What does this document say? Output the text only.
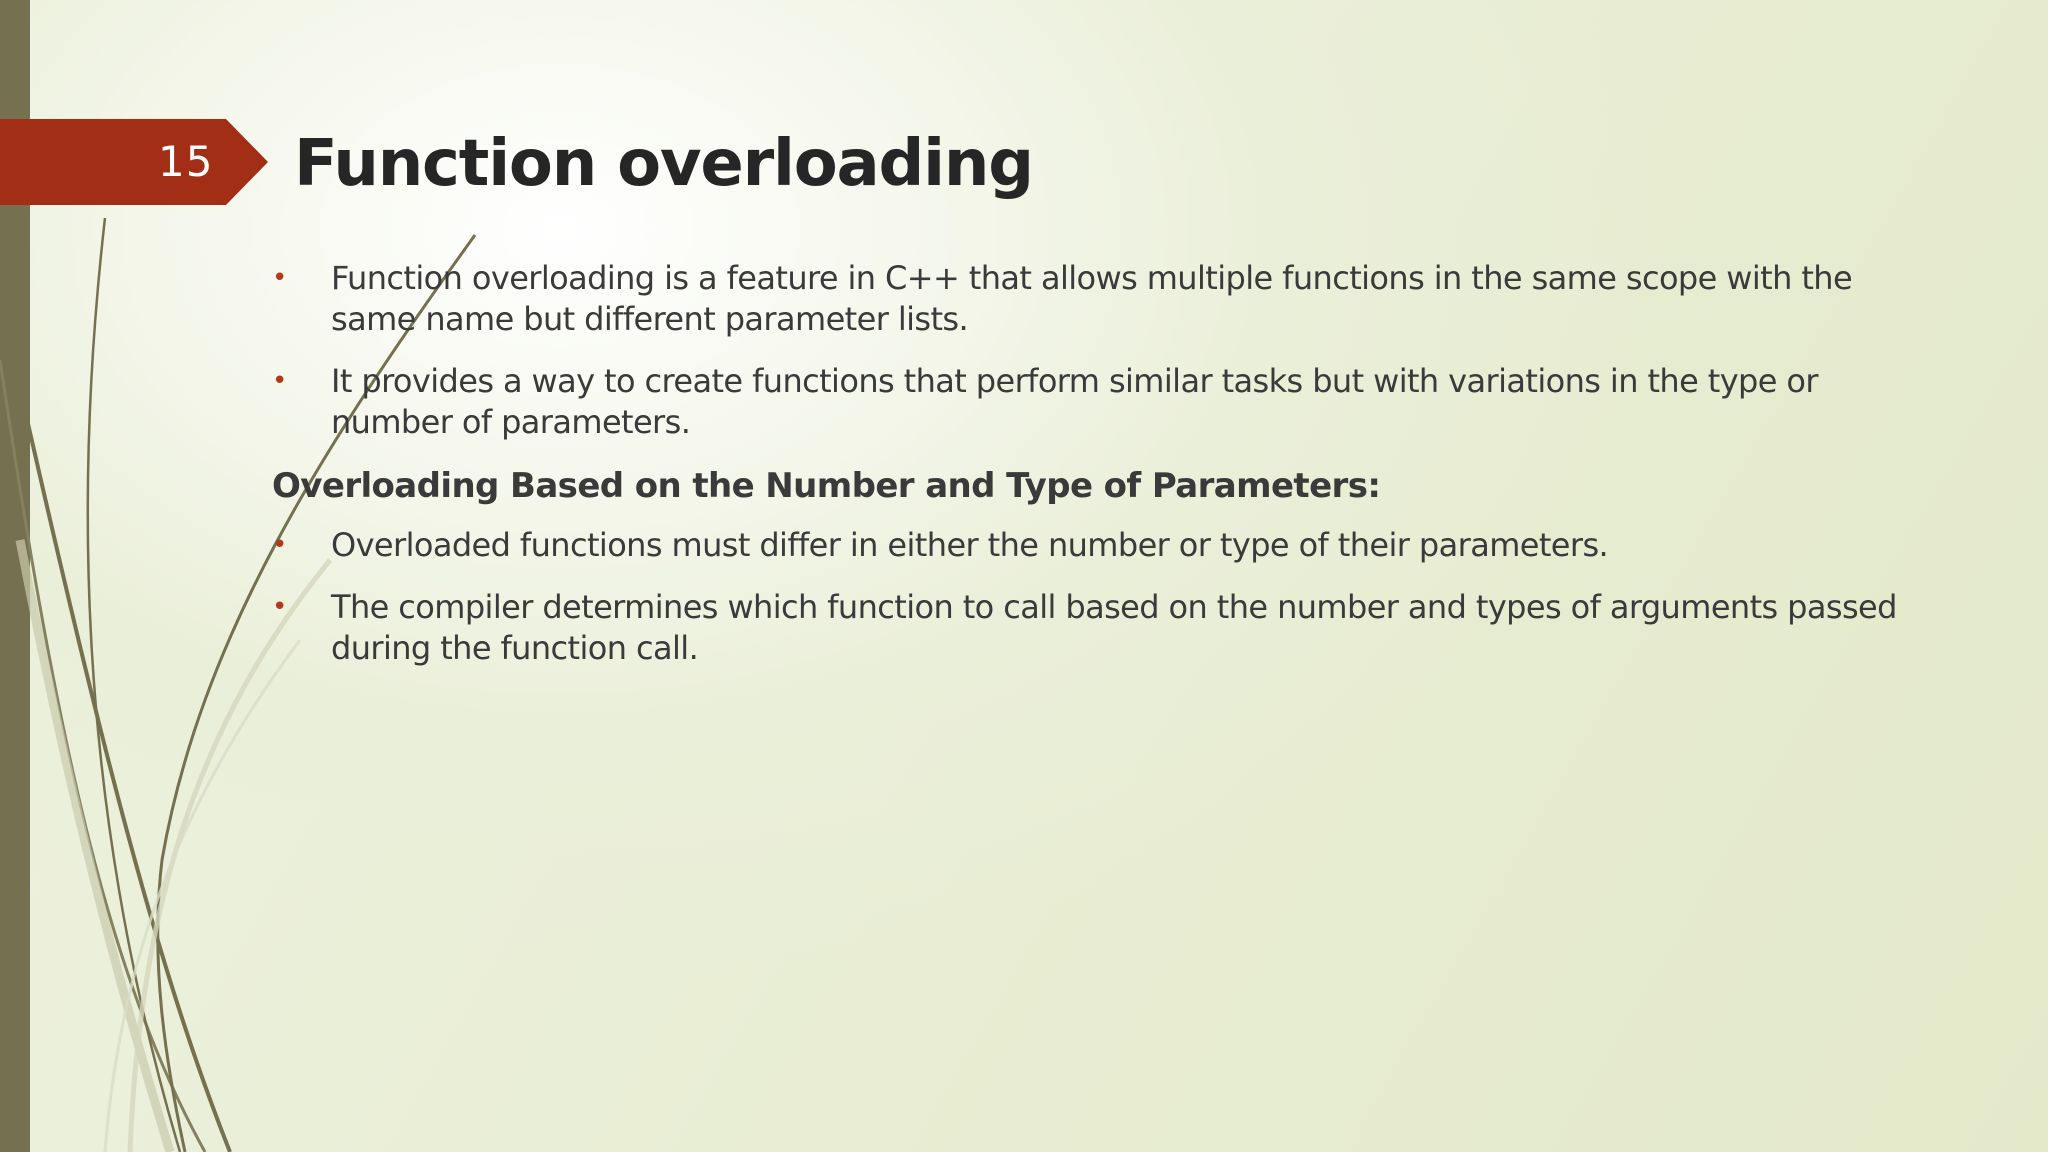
15 Function overloading
• Function overloading is a feature in C++ that allows multiple functions in the same scope with the same name but different parameter lists.
• It provides a way to create functions that perform similar tasks but with variations in the type or number of parameters.
Overloading Based on the Number and Type of Parameters:
• Overloaded functions must differ in either the number or type of their parameters.
• The compiler determines which function to call based on the number and types of arguments passed during the function call.
